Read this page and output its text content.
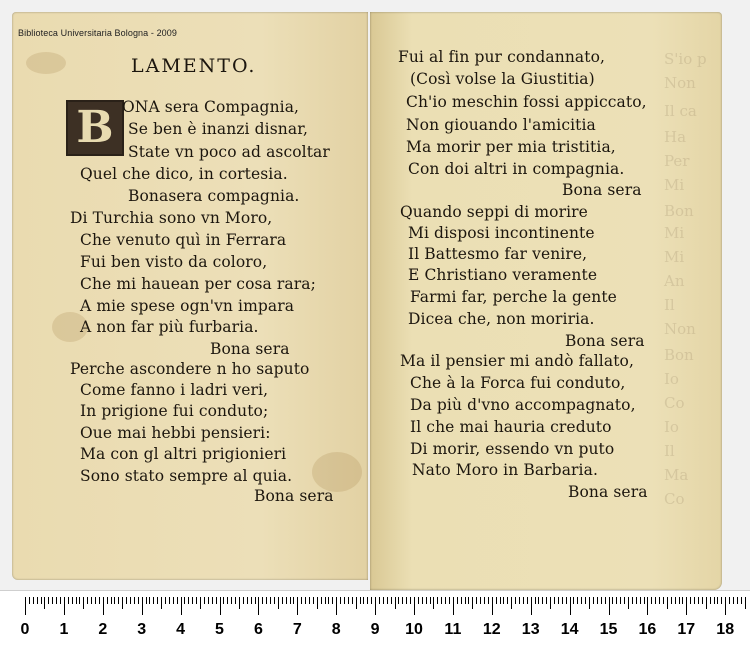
S'io p
Non
Il ca
Ha
Per
Mi
Bon
Mi
Mi
An
Il
Non
Bon
Io
Co
Io
Il
Ma
Co
Biblioteca Universitaria Bologna - 2009
LAMENTO.
B ONA sera Compagnia,
Se ben è inanzi disnar,
State vn poco ad ascoltar
Quel che dico, in cortesia.
Bonasera compagnia.
Di Turchia sono vn Moro,
Che venuto quì in Ferrara
Fui ben visto da coloro,
Che mi hauean per cosa rara;
A mie spese ogn'vn impara
A non far più furbaria.
Bona sera
Perche ascondere n ho saputo
Come fanno i ladri veri,
In prigione fui conduto;
Oue mai hebbi pensieri:
Ma con gl altri prigionieri
Sono stato sempre al quia.
Bona sera
Fui al fin pur condannato,
(Così volse la Giustitia)
Ch'io meschin fossi appiccato,
Non giouando l'amicitia
Ma morir per mia tristitia,
Con doi altri in compagnia.
Bona sera
Quando seppi di morire
Mi disposi incontinente
Il Battesmo far venire,
E Christiano veramente
Farmi far, perche la gente
Dicea che, non moriria.
Bona sera
Ma il pensier mi andò fallato,
Che à la Forca fui conduto,
Da più d'vno accompagnato,
Il che mai hauria creduto
Di morir, essendo vn puto
Nato Moro in Barbaria.
Bona sera
0 1 2 3 4 5 6 7 8 9 10 11 12 13 14 15 16 17 18
